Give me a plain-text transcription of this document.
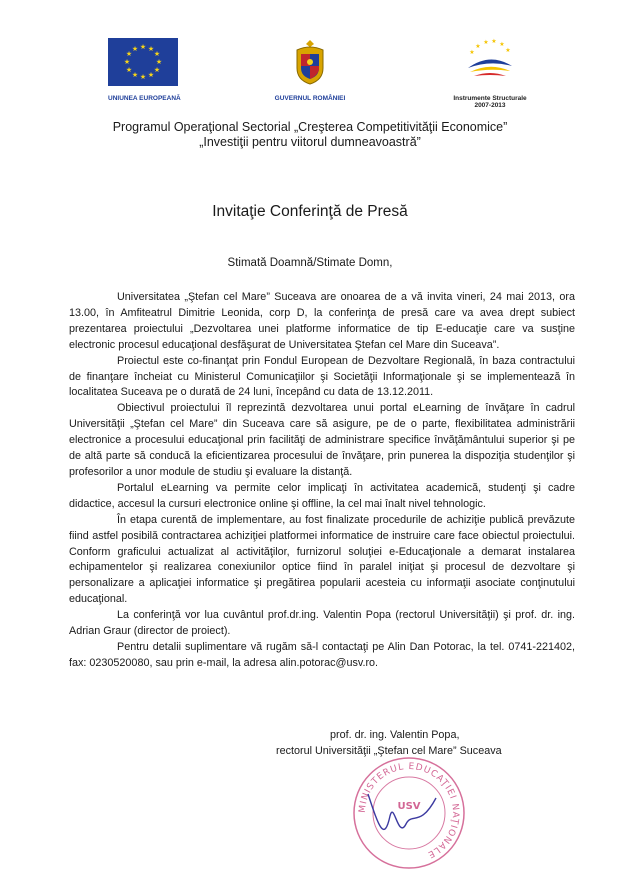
★ ★
★
★
★
★
★
★
★
★
★
★
UNIUNEA EUROPEANĂ	GUVERNUL ROMÂNIEI
★
★ ★ ★
★
★
Instrumente Structurale
2007-2013
Programul Operaţional Sectorial „Creşterea Competitivităţii Economice”
„Investiţii pentru viitorul dumneavoastră”
Invitaţie Conferinţă de Presă
Stimată Doamnă/Stimate Domn,

Universitatea „Ştefan cel Mare” Suceava are onoarea de a vă invita vineri, 24 mai 2013, ora 13.00, în Amfiteatrul Dimitrie Leonida, corp D, la conferinţa de presă care va avea drept subiect prezentarea proiectului „Dezvoltarea unei platforme informatice de tip E-educaţie care va susţine electronic procesul educaţional desfăşurat de Universitatea Ştefan cel Mare din Suceava”.

Proiectul este co-finanţat prin Fondul European de Dezvoltare Regională, în baza contractului de finanţare încheiat cu Ministerul Comunicaţiilor şi Societăţii Informaţionale şi se implementează în localitatea Suceava pe o durată de 24 luni, începând cu data de 13.12.2011.

Obiectivul proiectului îl reprezintă dezvoltarea unui portal eLearning de învăţare în cadrul Universităţii „Ştefan cel Mare” din Suceava care să asigure, pe de o parte, flexibilitatea administrării electronice a procesului educaţional prin facilităţi de administrare specifice învăţământului superior şi pe de altă parte să conducă la eficientizarea procesului de învăţare, prin punerea la dispoziţia studenţilor şi profesorilor a unor module de studiu şi evaluare la distanţă.

Portalul eLearning va permite celor implicaţi în activitatea academică, studenţi şi cadre didactice, accesul la cursuri electronice online şi offline, la cel mai înalt nivel tehnologic.

În etapa curentă de implementare, au fost finalizate procedurile de achiziţie publică prevăzute fiind astfel posibilă contractarea achiziţiei platformei informatice de instruire care face obiectul proiectului. Conform graficului actualizat al activităţilor, furnizorul soluţiei e-Educaţionale a demarat instalarea echipamentelor şi realizarea conexiunilor optice fiind în paralel iniţiat şi procesul de dezvoltare şi personalizare a aplicaţiei informatice şi pregătirea popularii acesteia cu informaţii asociate conţinutului educaţional.

La conferinţă vor lua cuvântul prof.dr.ing. Valentin Popa (rectorul Universităţii) şi prof. dr. ing. Adrian Graur (director de proiect).

Pentru detalii suplimentare vă rugăm să-l contactaţi pe Alin Dan Potorac, la tel. 0741-221402, fax: 0230520080, sau prin e-mail, la adresa alin.potorac@usv.ro.

prof. dr. ing. Valentin Popa,
rectorul Universităţii „Ştefan cel Mare” Suceava
MINISTERUL EDUCAŢIEI NAŢIONALE
USV
